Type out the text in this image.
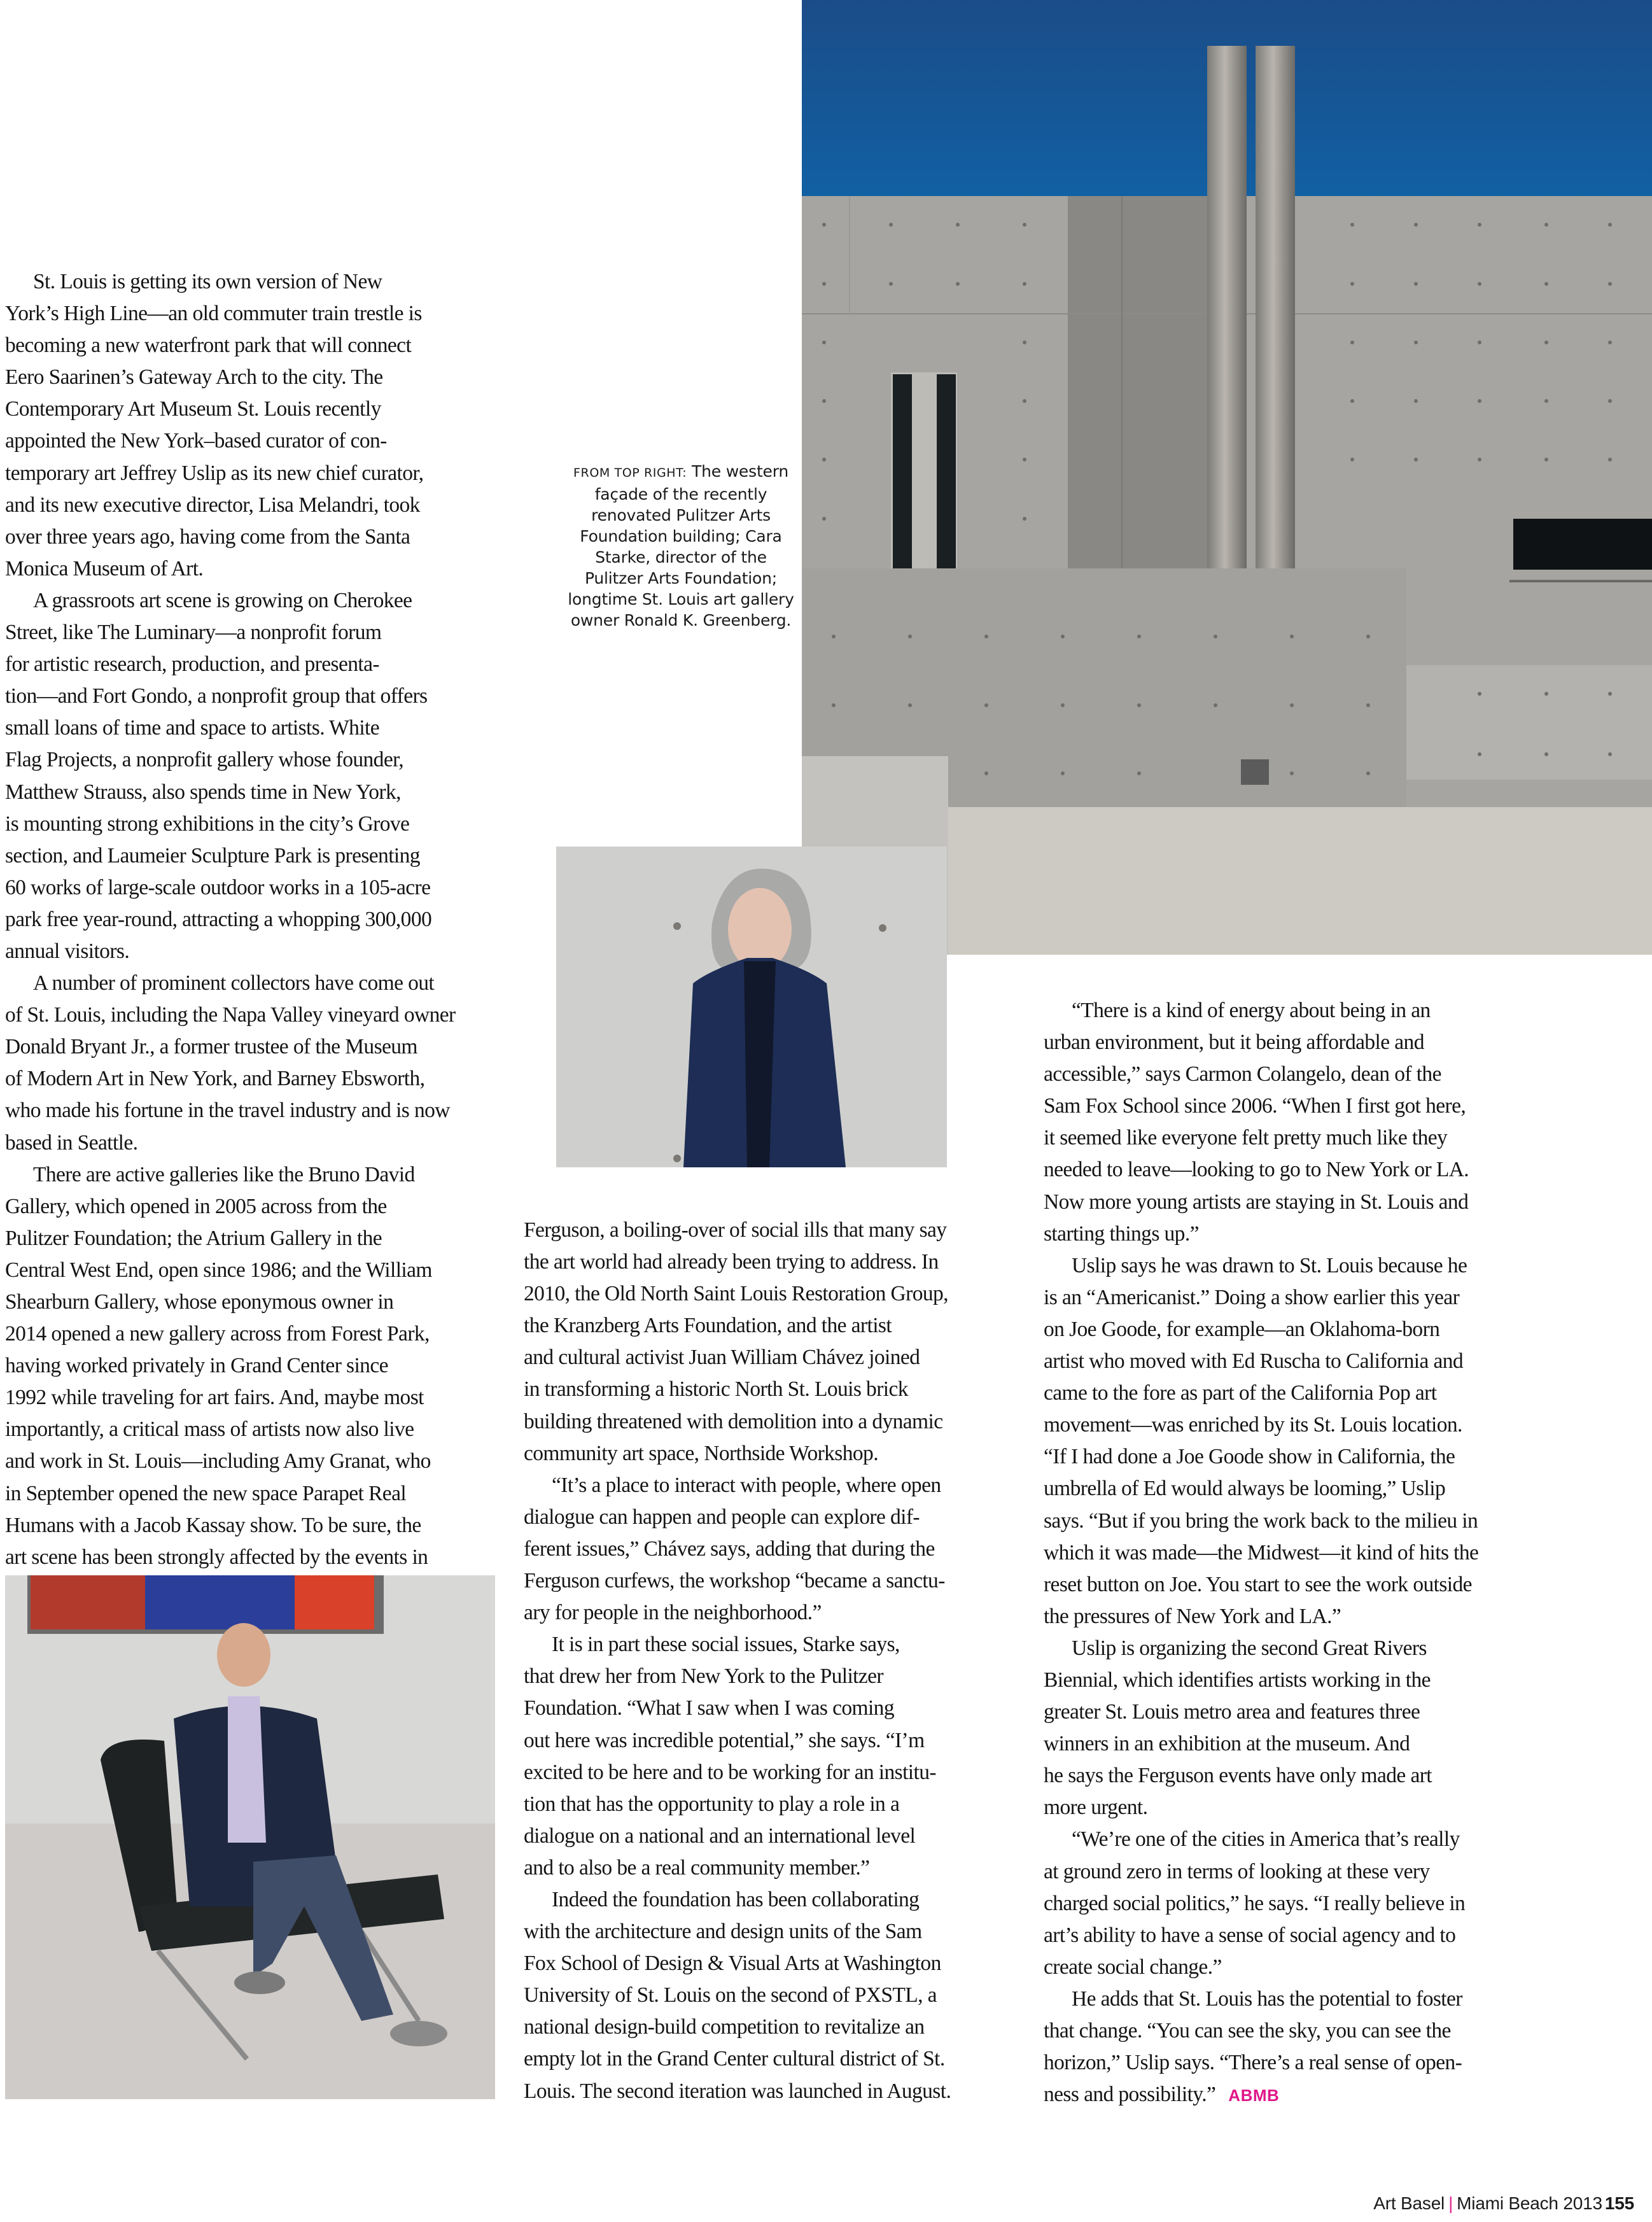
FROM TOP RIGHT: The western façade of the recently renovated Pulitzer Arts Foundation building; Cara Starke, director of the Pulitzer Arts Foundation; longtime St. Louis art gallery owner Ronald K. Greenberg.

St. Louis is getting its own version of New
York’s High Line—an old commuter train trestle is
becoming a new waterfront park that will connect
Eero Saarinen’s Gateway Arch to the city. The
Contemporary Art Museum St. Louis recently
appointed the New York–based curator of con-
temporary art Jeffrey Uslip as its new chief curator,
and its new executive director, Lisa Melandri, took
over three years ago, having come from the Santa
Monica Museum of Art.

A grassroots art scene is growing on Cherokee
Street, like The Luminary—a nonprofit forum
for artistic research, production, and presenta-
tion—and Fort Gondo, a nonprofit group that offers
small loans of time and space to artists. White
Flag Projects, a nonprofit gallery whose founder,
Matthew Strauss, also spends time in New York,
is mounting strong exhibitions in the city’s Grove
section, and Laumeier Sculpture Park is presenting
60 works of large-scale outdoor works in a 105-acre
park free year-round, attracting a whopping 300,000
annual visitors.

A number of prominent collectors have come out
of St. Louis, including the Napa Valley vineyard owner
Donald Bryant Jr., a former trustee of the Museum
of Modern Art in New York, and Barney Ebsworth,
who made his fortune in the travel industry and is now
based in Seattle.

There are active galleries like the Bruno David
Gallery, which opened in 2005 across from the
Pulitzer Foundation; the Atrium Gallery in the
Central West End, open since 1986; and the William
Shearburn Gallery, whose eponymous owner in
2014 opened a new gallery across from Forest Park,
having worked privately in Grand Center since
1992 while traveling for art fairs. And, maybe most
importantly, a critical mass of artists now also live
and work in St. Louis—including Amy Granat, who
in September opened the new space Parapet Real
Humans with a Jacob Kassay show. To be sure, the
art scene has been strongly affected by the events in

Ferguson, a boiling-over of social ills that many say
the art world had already been trying to address. In
2010, the Old North Saint Louis Restoration Group,
the Kranzberg Arts Foundation, and the artist
and cultural activist Juan William Chávez joined
in transforming a historic North St. Louis brick
building threatened with demolition into a dynamic
community art space, Northside Workshop.

“It’s a place to interact with people, where open
dialogue can happen and people can explore dif-
ferent issues,” Chávez says, adding that during the
Ferguson curfews, the workshop “became a sanctu-
ary for people in the neighborhood.”

It is in part these social issues, Starke says,
that drew her from New York to the Pulitzer
Foundation. “What I saw when I was coming
out here was incredible potential,” she says. “I’m
excited to be here and to be working for an institu-
tion that has the opportunity to play a role in a
dialogue on a national and an international level
and to also be a real community member.”

Indeed the foundation has been collaborating
with the architecture and design units of the Sam
Fox School of Design & Visual Arts at Washington
University of St. Louis on the second of PXSTL, a
national design-build competition to revitalize an
empty lot in the Grand Center cultural district of St.
Louis. The second iteration was launched in August.

“There is a kind of energy about being in an
urban environment, but it being affordable and
accessible,” says Carmon Colangelo, dean of the
Sam Fox School since 2006. “When I first got here,
it seemed like everyone felt pretty much like they
needed to leave—looking to go to New York or LA.
Now more young artists are staying in St. Louis and
starting things up.”

Uslip says he was drawn to St. Louis because he
is an “Americanist.” Doing a show earlier this year
on Joe Goode, for example—an Oklahoma-born
artist who moved with Ed Ruscha to California and
came to the fore as part of the California Pop art
movement—was enriched by its St. Louis location.
“If I had done a Joe Goode show in California, the
umbrella of Ed would always be looming,” Uslip
says. “But if you bring the work back to the milieu in
which it was made—the Midwest—it kind of hits the
reset button on Joe. You start to see the work outside
the pressures of New York and LA.”

Uslip is organizing the second Great Rivers
Biennial, which identifies artists working in the
greater St. Louis metro area and features three
winners in an exhibition at the museum. And
he says the Ferguson events have only made art
more urgent.

“We’re one of the cities in America that’s really
at ground zero in terms of looking at these very
charged social politics,” he says. “I really believe in
art’s ability to have a sense of social agency and to
create social change.”

He adds that St. Louis has the potential to foster
that change. “You can see the sky, you can see the
horizon,” Uslip says. “There’s a real sense of open-
ness and possibility.” ABMB

Art Basel | Miami Beach 2013 155
